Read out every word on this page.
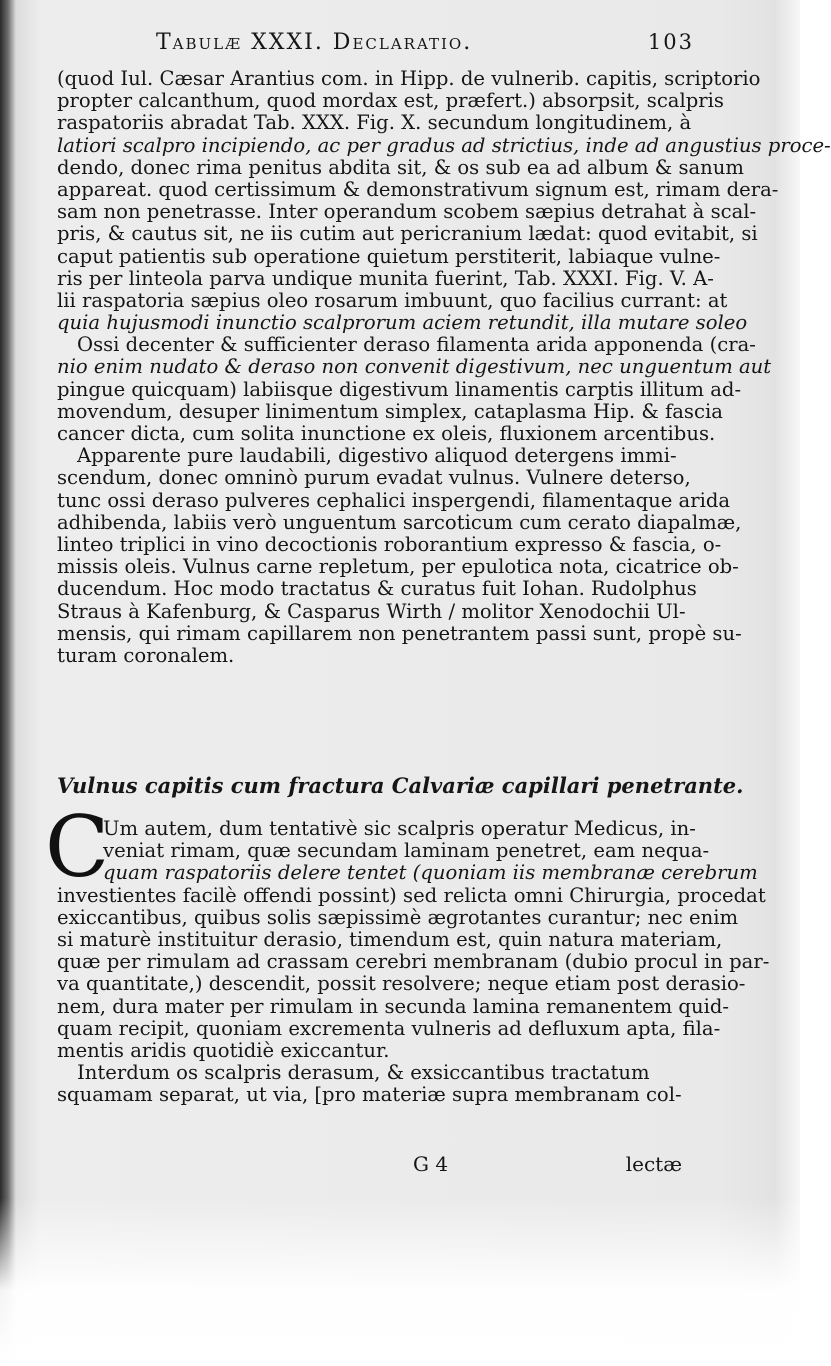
Tabulæ XXXI. Declaratio.	103
(quod Iul. Cæsar Arantius com. in Hipp. de vulnerib. capitis, scriptorio
propter calcanthum, quod mordax est, præfert.) absorpsit, scalpris
raspatoriis abradat Tab. XXX. Fig. X. secundum longitudinem, à
latiori scalpro incipiendo, ac per gradus ad strictius, inde ad angustius proce-
dendo, donec rima penitus abdita sit, & os sub ea ad album & sanum
appareat. quod certissimum & demonstrativum signum est, rimam dera-
sam non penetrasse. Inter operandum scobem sæpius detrahat à scal-
pris, & cautus sit, ne iis cutim aut pericranium lædat: quod evitabit, si
caput patientis sub operatione quietum perstiterit, labiaque vulne-
ris per linteola parva undique munita fuerint, Tab. XXXI. Fig. V. A-
lii raspatoria sæpius oleo rosarum imbuunt, quo facilius currant: at
quia hujusmodi inunctio scalprorum aciem retundit, illa mutare soleo
Ossi decenter & sufficienter deraso filamenta arida apponenda (cra-
nio enim nudato & deraso non convenit digestivum, nec unguentum aut
pingue quicquam) labiisque digestivum linamentis carptis illitum ad-
movendum, desuper linimentum simplex, cataplasma Hip. & fascia
cancer dicta, cum solita inunctione ex oleis, fluxionem arcentibus.
Apparente pure laudabili, digestivo aliquod detergens immi-
scendum, donec omninò purum evadat vulnus. Vulnere deterso,
tunc ossi deraso pulveres cephalici inspergendi, filamentaque arida
adhibenda, labiis verò unguentum sarcoticum cum cerato diapalmæ,
linteo triplici in vino decoctionis roborantium expresso & fascia, o-
missis oleis. Vulnus carne repletum, per epulotica nota, cicatrice ob-
ducendum. Hoc modo tractatus & curatus fuit Iohan. Rudolphus
Straus à Kafenburg, & Casparus Wirth / molitor Xenodochii Ul-
mensis, qui rimam capillarem non penetrantem passi sunt, propè su-
turam coronalem.
Vulnus capitis cum fractura Calvariæ capillari penetrante.
C
Um autem, dum tentativè sic scalpris operatur Medicus, in-
veniat rimam, quæ secundam laminam penetret, eam nequa-
quam raspatoriis delere tentet (quoniam iis membranæ cerebrum
investientes facilè offendi possint) sed relicta omni Chirurgia, procedat
exiccantibus, quibus solis sæpissimè ægrotantes curantur; nec enim
si maturè instituitur derasio, timendum est, quin natura materiam,
quæ per rimulam ad crassam cerebri membranam (dubio procul in par-
va quantitate,) descendit, possit resolvere; neque etiam post derasio-
nem, dura mater per rimulam in secunda lamina remanentem quid-
quam recipit, quoniam excrementa vulneris ad defluxum apta, fila-
mentis aridis quotidiè exiccantur.
Interdum os scalpris derasum, & exsiccantibus tractatum
squamam separat, ut via, [pro materiæ supra membranam col-
G 4	lectæ
